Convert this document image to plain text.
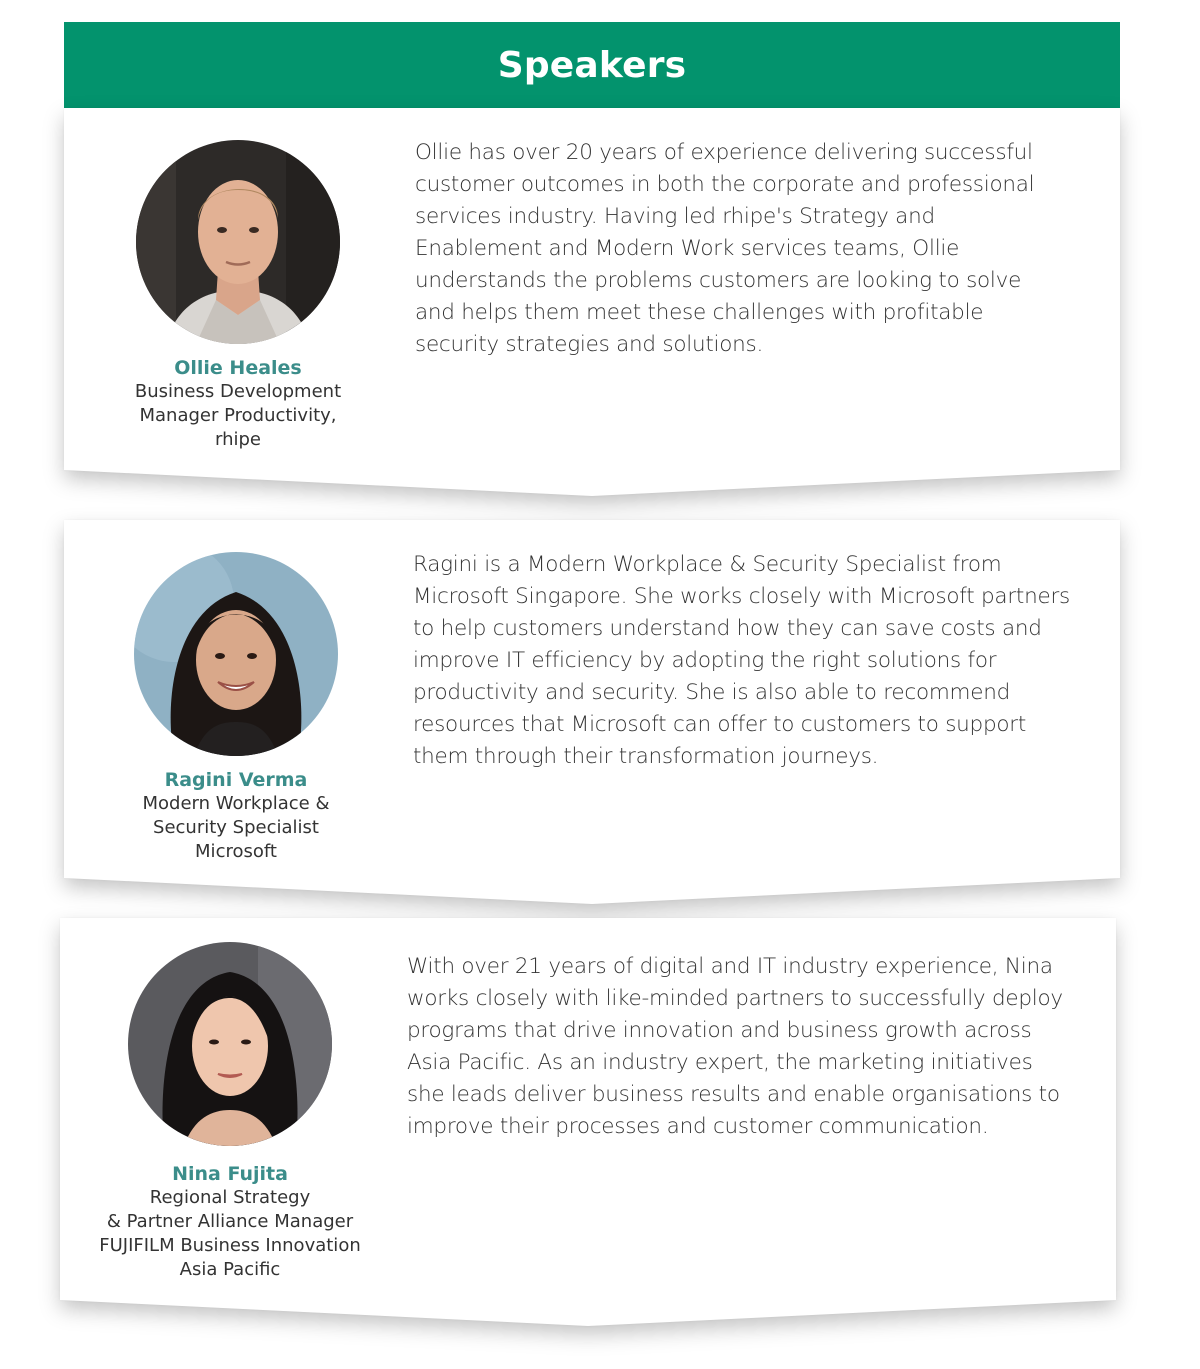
Speakers
Ollie Heales
Business Development
Manager Productivity,
rhipe
Ollie has over 20 years of experience delivering successful customer outcomes in both the corporate and professional services industry. Having led rhipe's Strategy and Enablement and Modern Work services teams, Ollie understands the problems customers are looking to solve and helps them meet these challenges with profitable security strategies and solutions.
Ragini Verma
Modern Workplace &
Security Specialist
Microsoft
Ragini is a Modern Workplace & Security Specialist from Microsoft Singapore. She works closely with Microsoft partners to help customers understand how they can save costs and improve IT efficiency by adopting the right solutions for productivity and security. She is also able to recommend resources that Microsoft can offer to customers to support them through their transformation journeys.
Nina Fujita
Regional Strategy
& Partner Alliance Manager
FUJIFILM Business Innovation
Asia Pacific
With over 21 years of digital and IT industry experience, Nina works closely with like-minded partners to successfully deploy programs that drive innovation and business growth across Asia Pacific. As an industry expert, the marketing initiatives she leads deliver business results and enable organisations to improve their processes and customer communication.
